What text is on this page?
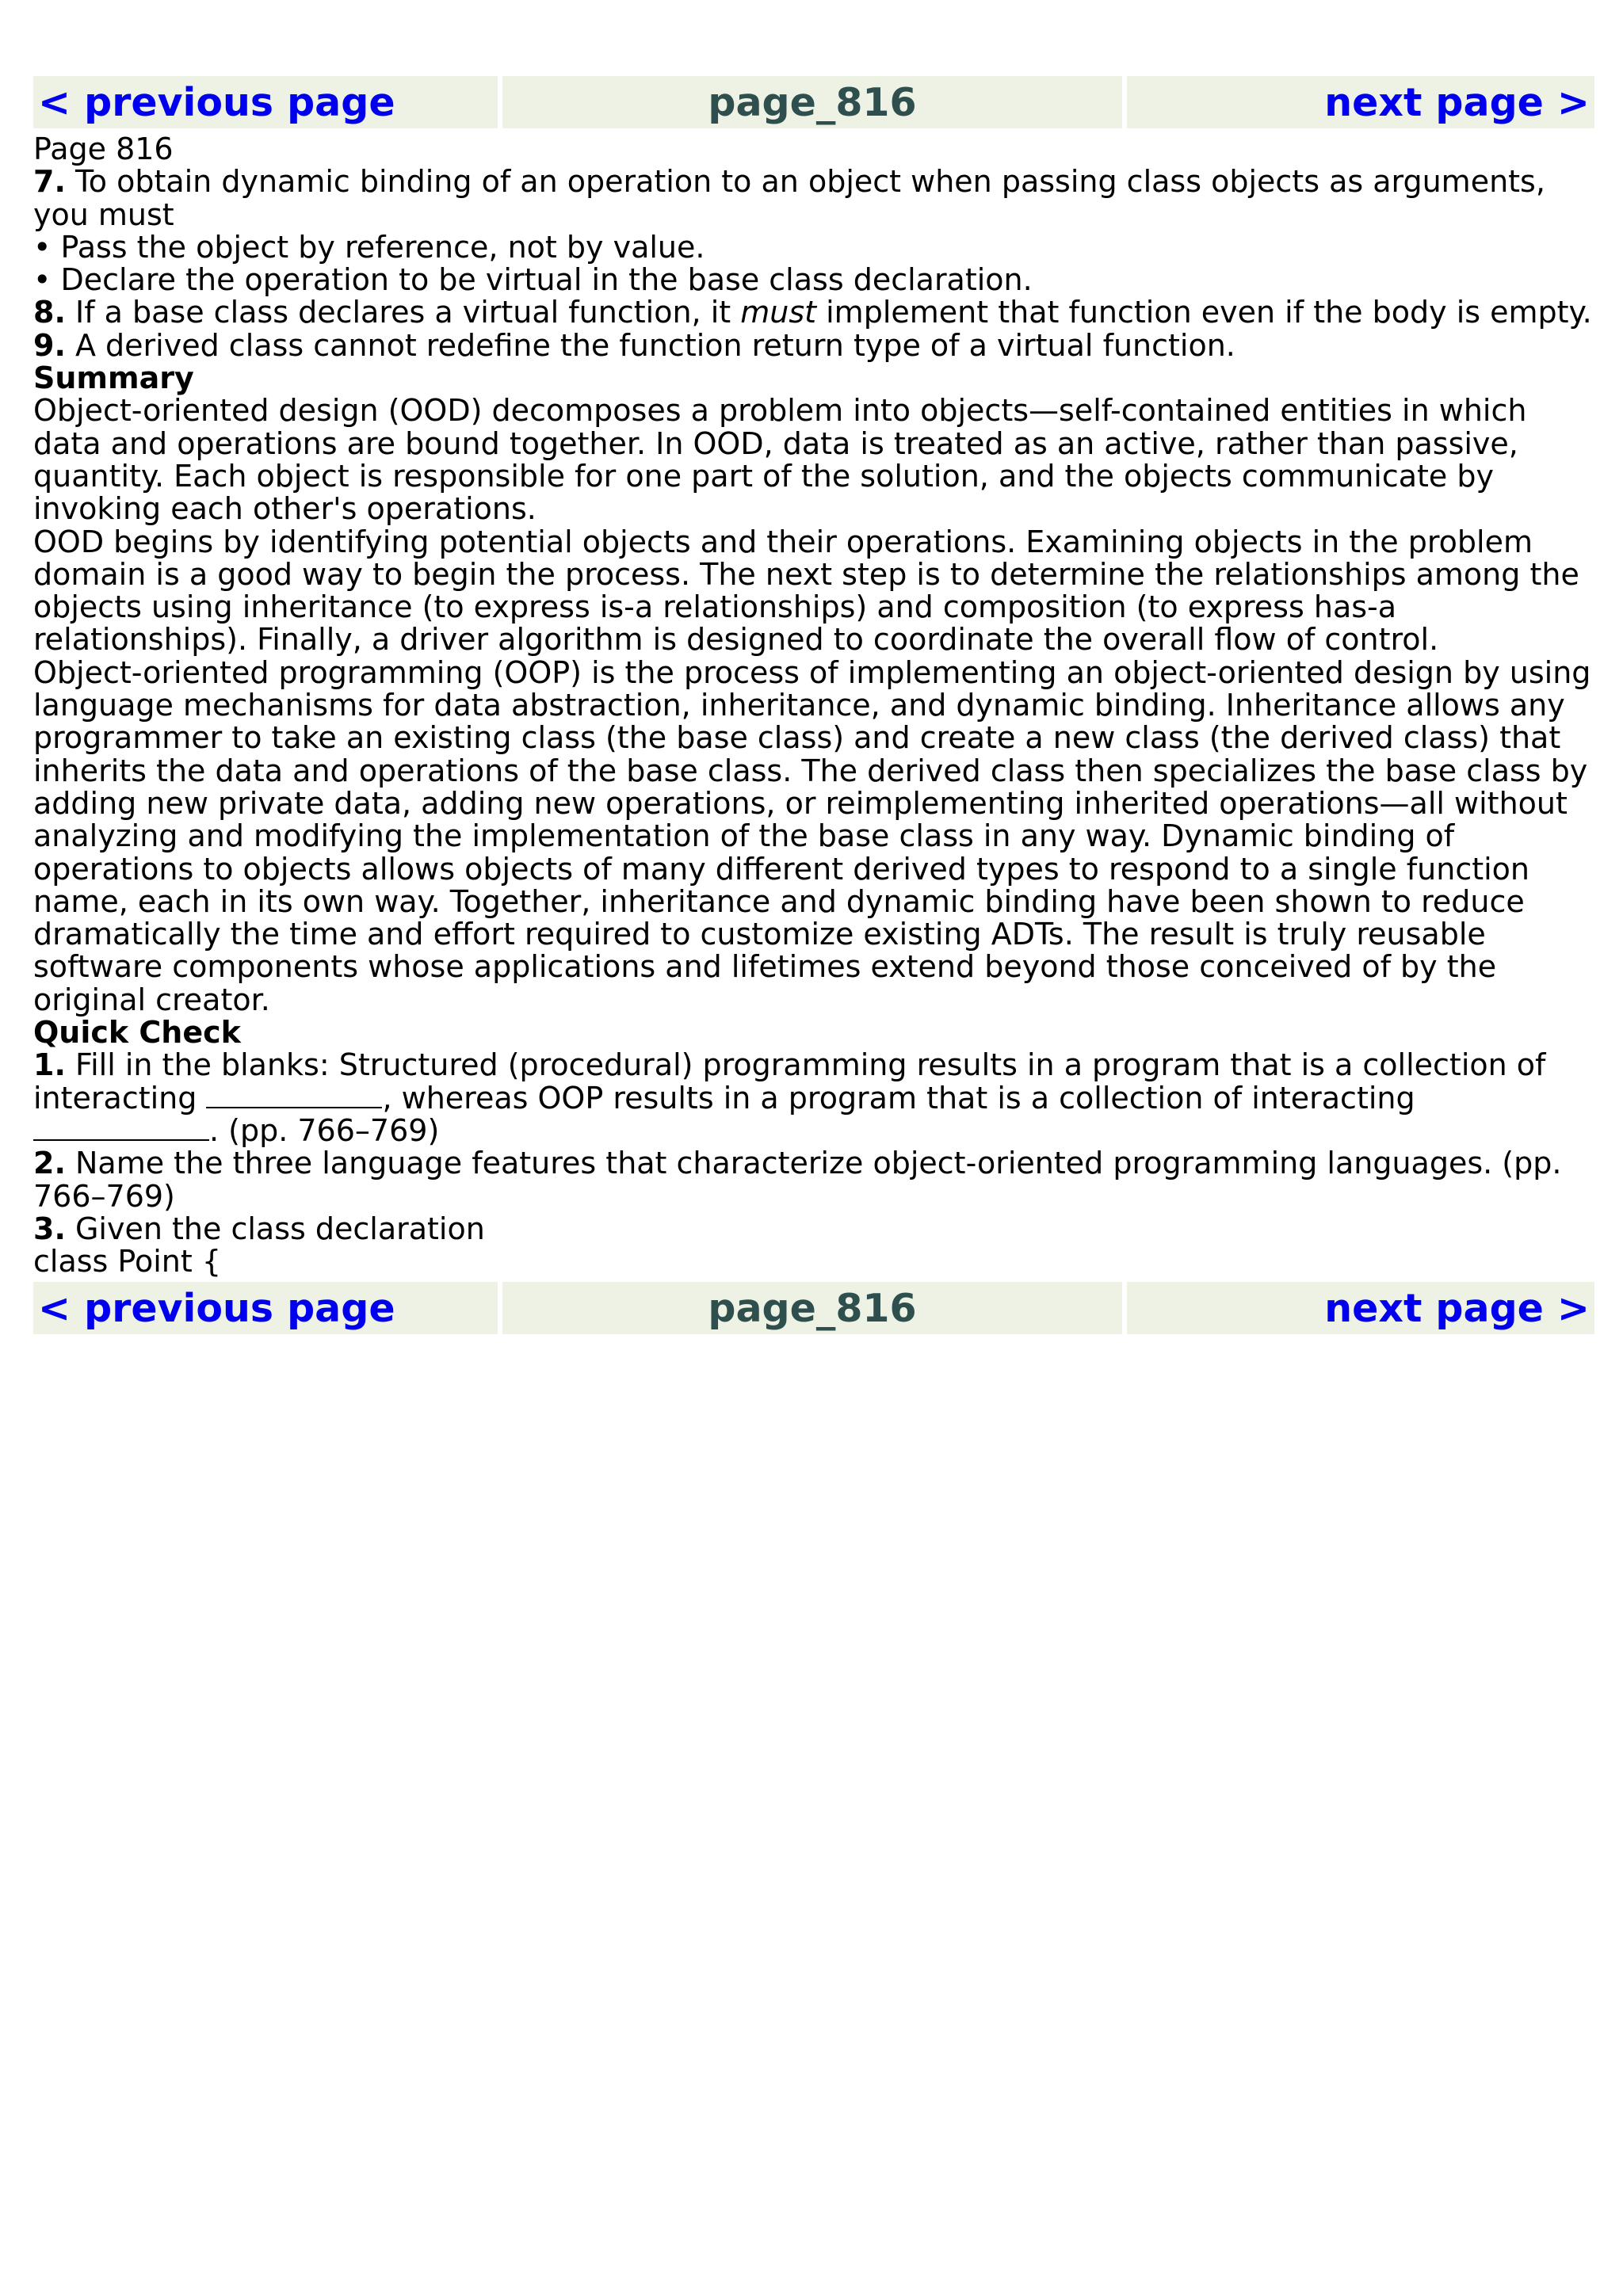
< previous page	page_816	next page >

Page 816

7. To obtain dynamic binding of an operation to an object when passing class objects as arguments, you must

• Pass the object by reference, not by value.

• Declare the operation to be virtual in the base class declaration.

8. If a base class declares a virtual function, it must implement that function even if the body is empty.

9. A derived class cannot redefine the function return type of a virtual function.

Summary

Object-oriented design (OOD) decomposes a problem into objects—self-contained entities in which data and operations are bound together. In OOD, data is treated as an active, rather than passive, quantity. Each object is responsible for one part of the solution, and the objects communicate by invoking each other's operations.

OOD begins by identifying potential objects and their operations. Examining objects in the problem domain is a good way to begin the process. The next step is to determine the relationships among the objects using inheritance (to express is-a relationships) and composition (to express has-a relationships). Finally, a driver algorithm is designed to coordinate the overall flow of control.

Object-oriented programming (OOP) is the process of implementing an object-oriented design by using language mechanisms for data abstraction, inheritance, and dynamic binding. Inheritance allows any programmer to take an existing class (the base class) and create a new class (the derived class) that inherits the data and operations of the base class. The derived class then specializes the base class by adding new private data, adding new operations, or reimplementing inherited operations—all without analyzing and modifying the implementation of the base class in any way. Dynamic binding of operations to objects allows objects of many different derived types to respond to a single function name, each in its own way. Together, inheritance and dynamic binding have been shown to reduce dramatically the time and effort required to customize existing ADTs. The result is truly reusable software components whose applications and lifetimes extend beyond those conceived of by the original creator.

Quick Check

1. Fill in the blanks: Structured (procedural) programming results in a program that is a collection of interacting	, whereas OOP results in a program that is a collection of interacting . (pp. 766–769)

2. Name the three language features that characterize object-oriented programming languages. (pp. 766–769)

3. Given the class declaration

class Point {

< previous page	page_816	next page >
